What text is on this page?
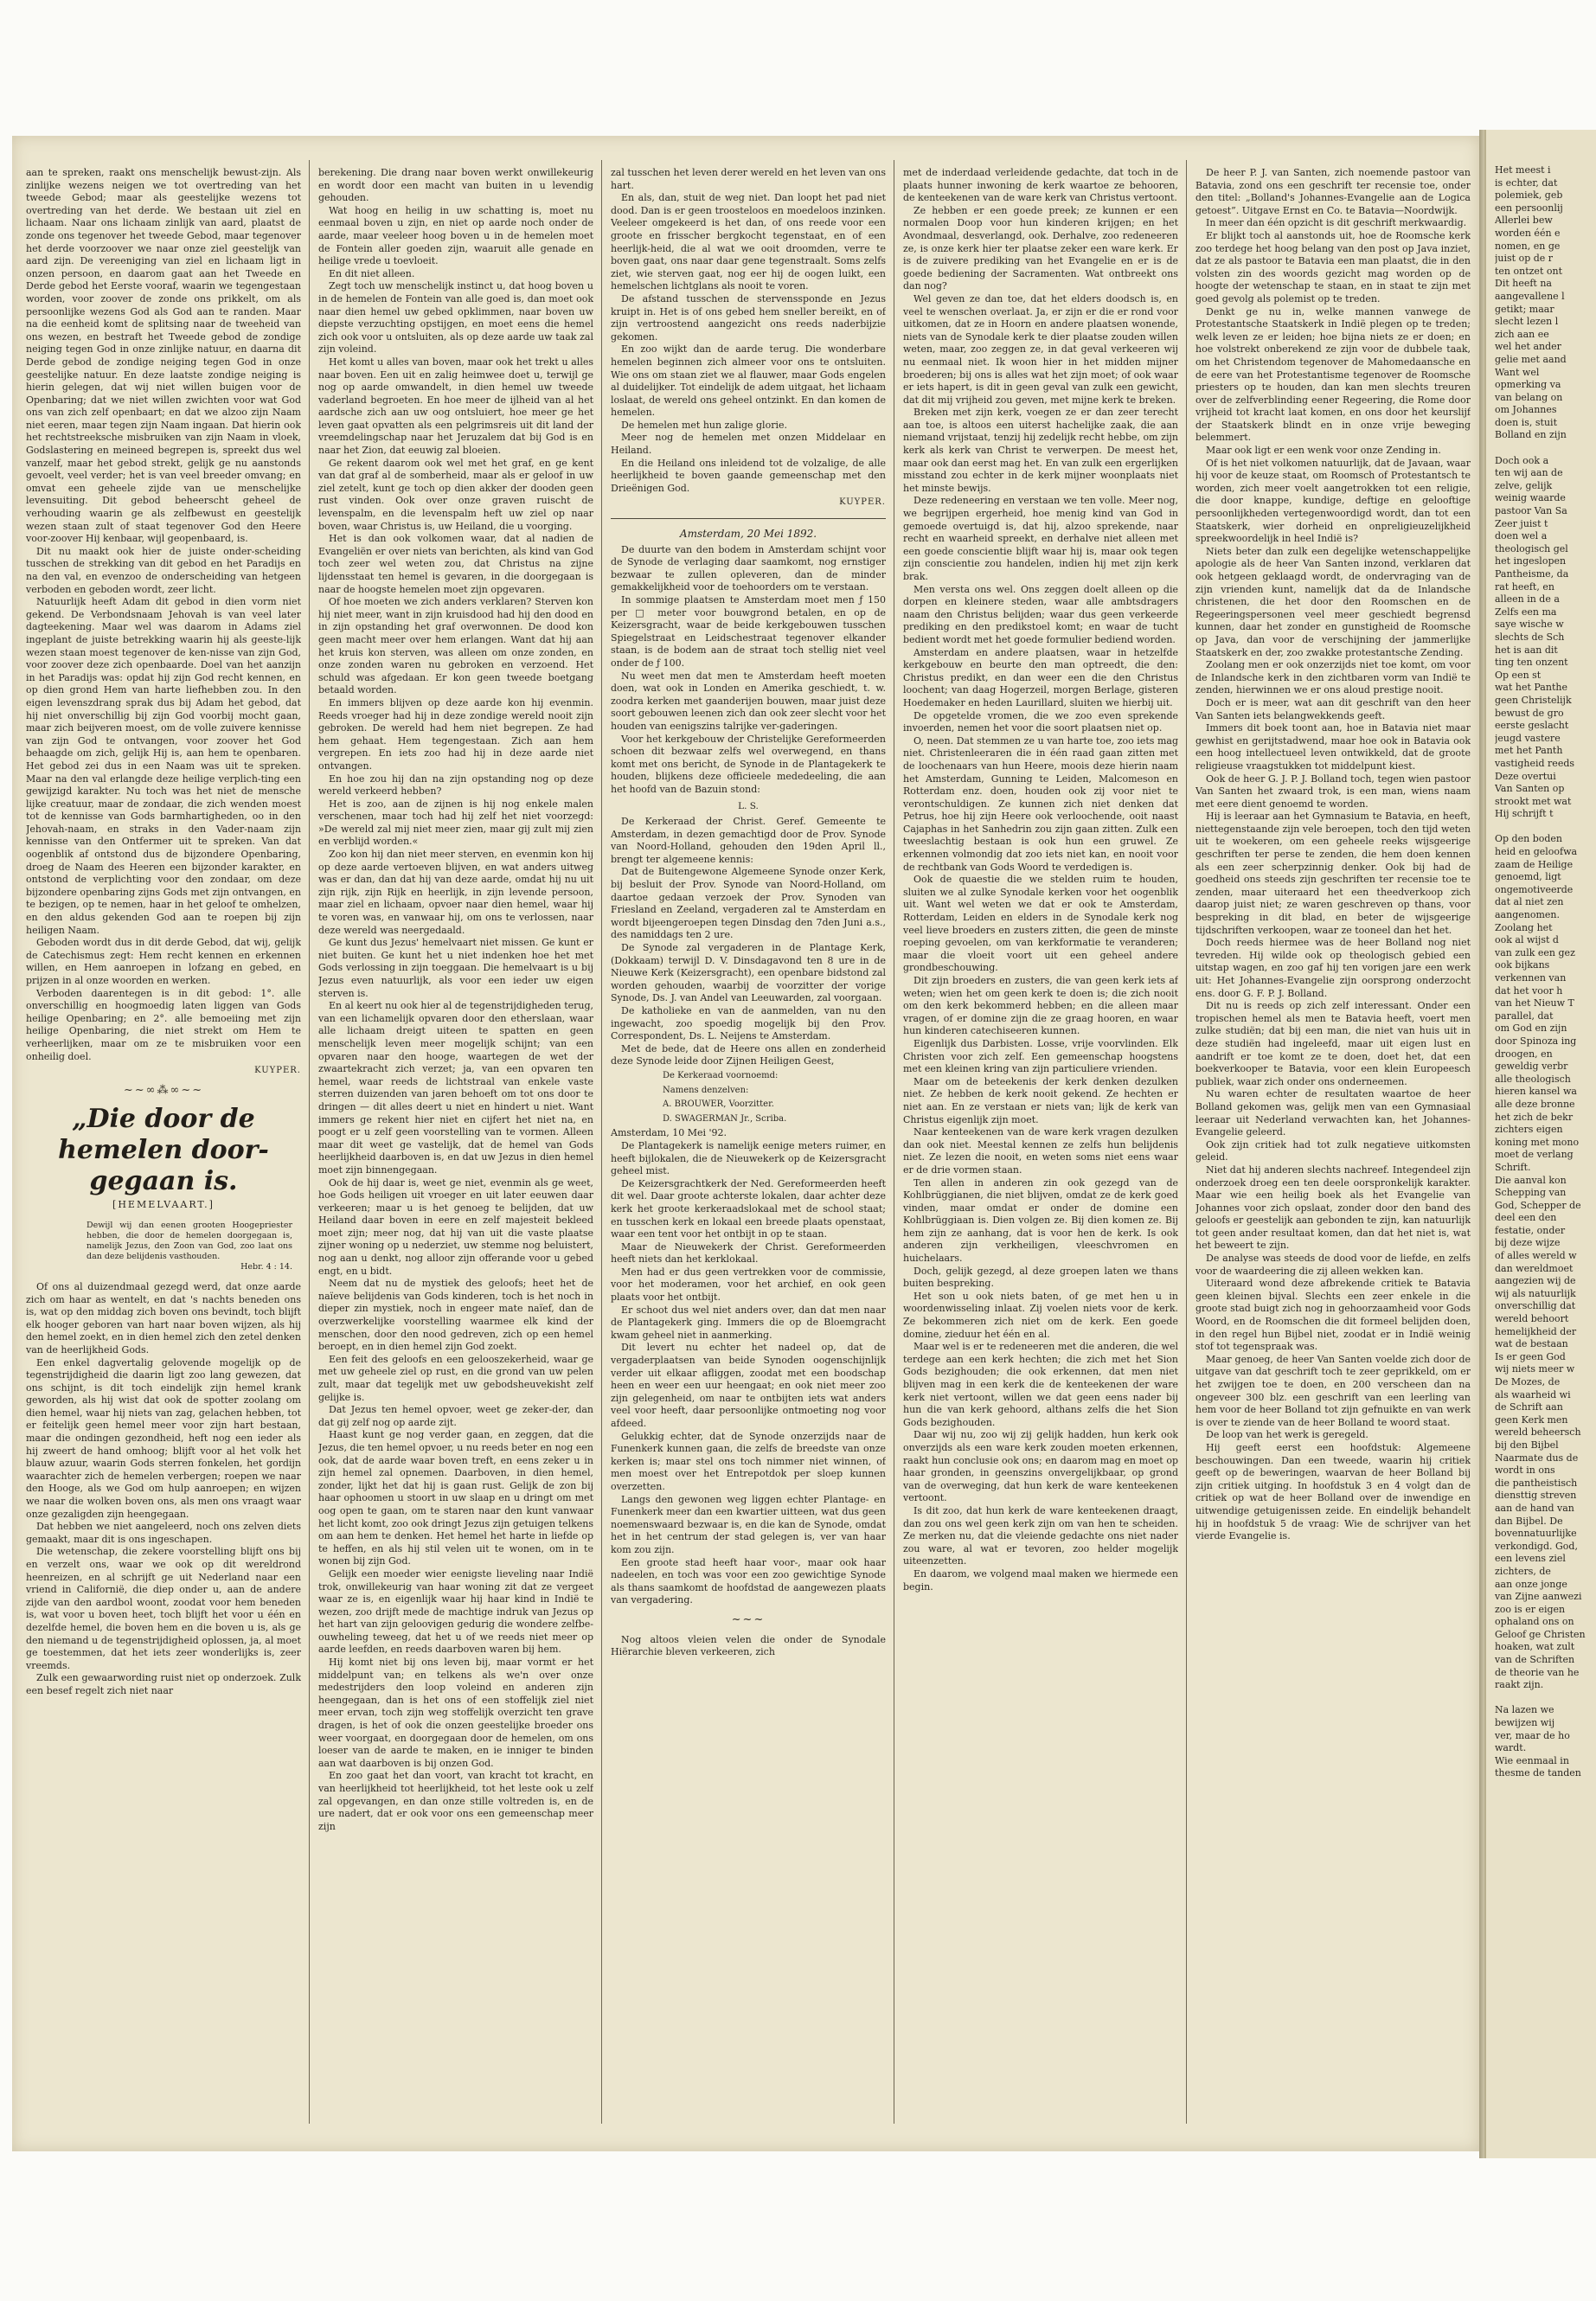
aan te spreken, raakt ons menschelijk bewust-zijn. Als zinlijke wezens neigen we tot overtreding van het tweede Gebod; maar als geestelijke wezens tot overtreding van het derde. We bestaan uit ziel en lichaam. Naar ons lichaam zinlijk van aard, plaatst de zonde ons tegenover het tweede Gebod, maar tegenover het derde voorzoover we naar onze ziel geestelijk van aard zijn. De vereeniging van ziel en lichaam ligt in onzen persoon, en daarom gaat aan het Tweede en Derde gebod het Eerste vooraf, waarin we tegengestaan worden, voor zoover de zonde ons prikkelt, om als persoonlijke wezens God als God aan te randen. Maar na die eenheid komt de splitsing naar de tweeheid van ons wezen, en bestraft het Tweede gebod de zondige neiging tegen God in onze zinlijke natuur, en daarna dit Derde gebod de zondige neiging tegen God in onze geestelijke natuur. En deze laatste zondige neiging is hierin gelegen, dat wij niet willen buigen voor de Openbaring; dat we niet willen zwichten voor wat God ons van zich zelf openbaart; en dat we alzoo zijn Naam niet eeren, maar tegen zijn Naam ingaan. Dat hierin ook het rechtstreeksche misbruiken van zijn Naam in vloek, Godslastering en meineed begrepen is, spreekt dus wel vanzelf, maar het gebod strekt, gelijk ge nu aanstonds gevoelt, veel verder; het is van veel breeder omvang; en omvat een geheele zijde van ue menschelijke levensuiting. Dit gebod beheerscht geheel de verhouding waarin ge als zelfbewust en geestelijk wezen staan zult of staat tegenover God den Heere voor-zoover Hij kenbaar, wijl geopenbaard, is.

Dit nu maakt ook hier de juiste onder-scheiding tusschen de strekking van dit gebod en het Paradijs en na den val, en evenzoo de onderscheiding van hetgeen verboden en geboden wordt, zeer licht.

Natuurlijk heeft Adam dit gebod in dien vorm niet gekend. De Verbondsnaam Jehovah is van veel later dagteekening. Maar wel was daarom in Adams ziel ingeplant de juiste betrekking waarin hij als geeste-lijk wezen staan moest tegenover de ken-nisse van zijn God, voor zoover deze zich openbaarde. Doel van het aanzijn in het Paradijs was: opdat hij zijn God recht kennen, en op dien grond Hem van harte liefhebben zou. In den eigen levenszdrang sprak dus bij Adam het gebod, dat hij niet onverschillig bij zijn God voorbij mocht gaan, maar zich beijveren moest, om de volle zuivere kennisse van zijn God te ontvangen, voor zoover het God behaagde om zich, gelijk Hij is, aan hem te openbaren. Het gebod zei dus in een Naam was uit te spreken. Maar na den val erlangde deze heilige verplich-ting een gewijzigd karakter. Nu toch was het niet de mensche lijke creatuur, maar de zondaar, die zich wenden moest tot de kennisse van Gods barmhartigheden, oo in den Jehovah-naam, en straks in den Vader-naam zijn kennisse van den Ontfermer uit te spreken. Van dat oogenblik af ontstond dus de bijzondere Openbaring, droeg de Naam des Heeren een bijzonder karakter, en ontstond de verplichting voor den zondaar, om deze bijzondere openbaring zijns Gods met zijn ontvangen, en te bezigen, op te nemen, haar in het geloof te omhelzen, en den aldus gekenden God aan te roepen bij zijn heiligen Naam.

Geboden wordt dus in dit derde Gebod, dat wij, gelijk de Catechismus zegt: Hem recht kennen en erkennen willen, en Hem aanroepen in lofzang en gebed, en prijzen in al onze woorden en werken.

Verboden daarentegen is in dit gebod: 1°. alle onverschillig en hoogmoedig laten liggen van Gods heilige Openbaring; en 2°. alle bemoeiing met zijn heilige Openbaring, die niet strekt om Hem te verheerlijken, maar om ze te misbruiken voor een onheilig doel.

KUYPER.
~~∞⁂∞~~
„Die door de hemelen door-gegaan is.
[HEMELVAART.]
Dewijl wij dan eenen grooten Hoogepriester hebben, die door de hemelen doorgegaan is, namelijk Jezus, den Zoon van God, zoo laat ons dan deze belijdenis vasthouden.
Hebr. 4 : 14.

Of ons al duizendmaal gezegd werd, dat onze aarde zich om haar as wentelt, en dat 's nachts beneden ons is, wat op den middag zich boven ons bevindt, toch blijft elk hooger geboren van hart naar boven wijzen, als hij den hemel zoekt, en in dien hemel zich den zetel denken van de heerlijkheid Gods.

Een enkel dagvertalig gelovende mogelijk op de tegenstrijdigheid die daarin ligt zoo lang gewezen, dat ons schijnt, is dit toch eindelijk zijn hemel krank geworden, als hij wist dat ook de spotter zoolang om dien hemel, waar hij niets van zag, gelachen hebben, tot er feitelijk geen hemel meer voor zijn hart bestaan, maar die ondingen gezondheid, heft nog een ieder als hij zweert de hand omhoog; blijft voor al het volk het blauw azuur, waarin Gods sterren fonkelen, het gordijn waarachter zich de hemelen verbergen; roepen we naar den Hooge, als we God om hulp aanroepen; en wijzen we naar die wolken boven ons, als men ons vraagt waar onze gezaligden zijn heengegaan.

Dat hebben we niet aangeleerd, noch ons zelven diets gemaakt, maar dit is ons ingeschapen.

Die wetenschap, die zekere voorstelling blijft ons bij en verzelt ons, waar we ook op dit wereldrond heenreizen, en al schrijft ge uit Nederland naar een vriend in Californië, die diep onder u, aan de andere zijde van den aardbol woont, zoodat voor hem beneden is, wat voor u boven heet, toch blijft het voor u één en dezelfde hemel, die boven hem en die boven u is, als ge den niemand u de tegenstrijdigheid oplossen, ja, al moet ge toestemmen, dat het iets zeer wonderlijks is, zeer vreemds.

Zulk een gewaarwording ruist niet op onderzoek. Zulk een besef regelt zich niet naar

berekening. Die drang naar boven werkt onwillekeurig en wordt door een macht van buiten in u levendig gehouden.

Wat hoog en heilig in uw schatting is, moet nu eenmaal boven u zijn, en niet op aarde noch onder de aarde, maar veeleer hoog boven u in de hemelen moet de Fontein aller goeden zijn, waaruit alle genade en heilige vrede u toevloeit.

En dit niet alleen.

Zegt toch uw menschelijk instinct u, dat hoog boven u in de hemelen de Fontein van alle goed is, dan moet ook naar dien hemel uw gebed opklimmen, naar boven uw diepste verzuchting opstijgen, en moet eens die hemel zich ook voor u ontsluiten, als op deze aarde uw taak zal zijn voleind.

Het komt u alles van boven, maar ook het trekt u alles naar boven. Een uit en zalig heimwee doet u, terwijl ge nog op aarde omwandelt, in dien hemel uw tweede vaderland begroeten. En hoe meer de ijlheid van al het aardsche zich aan uw oog ontsluiert, hoe meer ge het leven gaat opvatten als een pelgrimsreis uit dit land der vreemdelingschap naar het Jeruzalem dat bij God is en naar het Zion, dat eeuwig zal bloeien.

Ge rekent daarom ook wel met het graf, en ge kent van dat graf al de somberheid, maar als er geloof in uw ziel zetelt, kunt ge toch op dien akker der dooden geen rust vinden. Ook over onze graven ruischt de levenspalm, en die levenspalm heft uw ziel op naar boven, waar Christus is, uw Heiland, die u voorging.

Het is dan ook volkomen waar, dat al nadien de Evangeliën er over niets van berichten, als kind van God toch zeer wel weten zou, dat Christus na zijne lijdensstaat ten hemel is gevaren, in die doorgegaan is naar de hoogste hemelen moet zijn opgevaren.

Of hoe moeten we zich anders verklaren? Sterven kon hij niet meer, want in zijn kruisdood had hij den dood en in zijn opstanding het graf overwonnen. De dood kon geen macht meer over hem erlangen. Want dat hij aan het kruis kon sterven, was alleen om onze zonden, en onze zonden waren nu gebroken en verzoend. Het schuld was afgedaan. Er kon geen tweede boetgang betaald worden.

En immers blijven op deze aarde kon hij evenmin. Reeds vroeger had hij in deze zondige wereld nooit zijn gebroken. De wereld had hem niet begrepen. Ze had hem gehaat. Hem tegengestaan. Zich aan hem vergrepen. En iets zoo had hij in deze aarde niet ontvangen.

En hoe zou hij dan na zijn opstanding nog op deze wereld verkeerd hebben?

Het is zoo, aan de zijnen is hij nog enkele malen verschenen, maar toch had hij zelf het niet voorzegd: »De wereld zal mij niet meer zien, maar gij zult mij zien en verblijd worden.«

Zoo kon hij dan niet meer sterven, en evenmin kon hij op deze aarde vertoeven blijven, en wat anders uitweg was er dan, dan dat hij van deze aarde, omdat hij nu uit zijn rijk, zijn Rijk en heerlijk, in zijn levende persoon, maar ziel en lichaam, opvoer naar dien hemel, waar hij te voren was, en vanwaar hij, om ons te verlossen, naar deze wereld was neergedaald.

Ge kunt dus Jezus' hemelvaart niet missen. Ge kunt er niet buiten. Ge kunt het u niet indenken hoe het met Gods verlossing in zijn toeggaan. Die hemelvaart is u bij Jezus even natuurlijk, als voor een ieder uw eigen sterven is.

En al keert nu ook hier al de tegenstrijdigheden terug, van een lichamelijk opvaren door den etherslaan, waar alle lichaam dreigt uiteen te spatten en geen menschelijk leven meer mogelijk schijnt; van een opvaren naar den hooge, waartegen de wet der zwaartekracht zich verzet; ja, van een opvaren ten hemel, waar reeds de lichtstraal van enkele vaste sterren duizenden van jaren behoeft om tot ons door te dringen — dit alles deert u niet en hindert u niet. Want immers ge rekent hier niet en cijfert het niet na, en poogt er u zelf geen voorstelling van te vormen. Alleen maar dit weet ge vastelijk, dat de hemel van Gods heerlijkheid daarboven is, en dat uw Jezus in dien hemel moet zijn binnengegaan.

Ook de hij daar is, weet ge niet, evenmin als ge weet, hoe Gods heiligen uit vroeger en uit later eeuwen daar verkeeren; maar u is het genoeg te belijden, dat uw Heiland daar boven in eere en zelf majesteit bekleed moet zijn; meer nog, dat hij van uit die vaste plaatse zijner woning op u nederziet, uw stemme nog beluistert, nog aan u denkt, nog alloor zijn offerande voor u gebed engt, en u bidt.

Neem dat nu de mystiek des geloofs; heet het de naïeve belijdenis van Gods kinderen, toch is het noch in dieper zin mystiek, noch in engeer mate naïef, dan de overzwerkelijke voorstelling waarmee elk kind der menschen, door den nood gedreven, zich op een hemel beroept, en in dien hemel zijn God zoekt.

Een feit des geloofs en een gelooszekerheid, waar ge met uw geheele ziel op rust, en die grond van uw pelen zult, maar dat tegelijk met uw gebodsheuvekisht zelf gelijke is.

Dat Jezus ten hemel opvoer, weet ge zeker-der, dan dat gij zelf nog op aarde zijt.

Haast kunt ge nog verder gaan, en zeggen, dat die Jezus, die ten hemel opvoer, u nu reeds beter en nog een ook, dat de aarde waar boven treft, en eens zeker u in zijn hemel zal opnemen. Daarboven, in dien hemel, zonder, lijkt het dat hij is gaan rust. Gelijk de zon bij haar ophoomen u stoort in uw slaap en u dringt om met oog open te gaan, om te staren naar den kunt vanwaar het licht komt, zoo ook dringt Jezus zijn getuigen telkens om aan hem te denken. Het hemel het harte in liefde op te heffen, en als hij stil velen uit te wonen, om in te wonen bij zijn God.

Gelijk een moeder wier eenigste lieveling naar Indië trok, onwillekeurig van haar woning zit dat ze vergeet waar ze is, en eigenlijk waar hij haar kind in Indië te wezen, zoo drijft mede de machtige indruk van Jezus op het hart van zijn geloovigen gedurig die wondere zelfbe-ouwheling teweeg, dat het u of we reeds niet meer op aarde leefden, en reeds daarboven waren bij hem.

Hij komt niet bij ons leven bij, maar vormt er het middelpunt van; en telkens als we'n over onze medestrijders den loop voleind en anderen zijn heengegaan, dan is het ons of een stoffelijk ziel niet meer ervan, toch zijn weg stoffelijk overzicht ten grave dragen, is het of ook die onzen geestelijke broeder ons weer voorgaat, en doorgegaan door de hemelen, om ons loeser van de aarde te maken, en ie inniger te binden aan wat daarboven is bij onzen God.

En zoo gaat het dan voort, van kracht tot kracht, en van heerlijkheid tot heerlijkheid, tot het leste ook u zelf zal opgevangen, en dan onze stille voltreden is, en de ure nadert, dat er ook voor ons een gemeenschap meer zijn

zal tusschen het leven derer wereld en het leven van ons hart.

En als, dan, stuit de weg niet. Dan loopt het pad niet dood. Dan is er geen troosteloos en moedeloos inzinken. Veeleer omgekeerd is het dan, of ons reede voor een groote en frisscher bergkocht tegenstaat, en of een heerlijk-heid, die al wat we ooit droomden, verre te boven gaat, ons naar daar gene tegenstraalt. Soms zelfs ziet, wie sterven gaat, nog eer hij de oogen luikt, een hemelschen lichtglans als nooit te voren.

De afstand tusschen de stervenssponde en Jezus kruipt in. Het is of ons gebed hem sneller bereikt, en of zijn vertroostend aangezicht ons reeds naderbijzie gekomen.

En zoo wijkt dan de aarde terug. Die wonderbare hemelen beginnen zich almeer voor ons te ontsluiten. Wie ons om staan ziet we al flauwer, maar Gods engelen al duidelijker. Tot eindelijk de adem uitgaat, het lichaam loslaat, de wereld ons geheel ontzinkt. En dan komen de hemelen.

De hemelen met hun zalige glorie.

Meer nog de hemelen met onzen Middelaar en Heiland.

En die Heiland ons inleidend tot de volzalige, de alle heerlijkheid te boven gaande gemeenschap met den Drieënigen God.

KUYPER.
Amsterdam, 20 Mei 1892.

De duurte van den bodem in Amsterdam schijnt voor de Synode de verlaging daar saamkomt, nog ernstiger bezwaar te zullen opleveren, dan de minder gemakkelijkheid voor de toehoorders om te verstaan.

In sommige plaatsen te Amsterdam moet men ƒ 150 per □ meter voor bouwgrond betalen, en op de Keizersgracht, waar de beide kerkgebouwen tusschen Spiegelstraat en Leidschestraat tegenover elkander staan, is de bodem aan de straat toch stellig niet veel onder de ƒ 100.

Nu weet men dat men te Amsterdam heeft moeten doen, wat ook in Londen en Amerika geschiedt, t. w. zoodra kerken met gaanderijen bouwen, maar juist deze soort gebouwen leenen zich dan ook zeer slecht voor het houden van eenigszins talrijke ver-gaderingen.

Voor het kerkgebouw der Christelijke Gereformeerden schoen dit bezwaar zelfs wel overwegend, en thans komt met ons bericht, de Synode in de Plantagekerk te houden, blijkens deze officieele mededeeling, die aan het hoofd van de Bazuin stond:

L. S.

De Kerkeraad der Christ. Geref. Gemeente te Amsterdam, in dezen gemachtigd door de Prov. Synode van Noord-Holland, gehouden den 19den April ll., brengt ter algemeene kennis:

Dat de Buitengewone Algemeene Synode onzer Kerk, bij besluit der Prov. Synode van Noord-Holland, om daartoe gedaan verzoek der Prov. Synoden van Friesland en Zeeland, vergaderen zal te Amsterdam en wordt bijeengeroepen tegen Dinsdag den 7den Juni a.s., des namiddags ten 2 ure.

De Synode zal vergaderen in de Plantage Kerk, (Dokkaam) terwijl D. V. Dinsdagavond ten 8 ure in de Nieuwe Kerk (Keizersgracht), een openbare bidstond zal worden gehouden, waarbij de voorzitter der vorige Synode, Ds. J. van Andel van Leeuwarden, zal voorgaan.

De katholieke en van de aanmelden, van nu den ingewacht, zoo spoedig mogelijk bij den Prov. Correspondent, Ds. L. Neijens te Amsterdam.

Met de bede, dat de Heere ons allen en zonderheid deze Synode leide door Zijnen Heiligen Geest,

De Kerkeraad voornoemd:
Namens denzelven:
A. BROUWER, Voorzitter.
D. SWAGERMAN Jr., Scriba.

Amsterdam, 10 Mei '92.

De Plantagekerk is namelijk eenige meters ruimer, en heeft bijlokalen, die de Nieuwekerk op de Keizersgracht geheel mist.

De Keizersgrachtkerk der Ned. Gereformeerden heeft dit wel. Daar groote achterste lokalen, daar achter deze kerk het groote kerkeraadslokaal met de school staat; en tusschen kerk en lokaal een breede plaats openstaat, waar een tent voor het ontbijt in op te staan.

Maar de Nieuwekerk der Christ. Gereformeerden heeft niets dan het kerklokaal.

Men had er dus geen vertrekken voor de commissie, voor het moderamen, voor het archief, en ook geen plaats voor het ontbijt.

Er schoot dus wel niet anders over, dan dat men naar de Plantagekerk ging. Immers die op de Bloemgracht kwam geheel niet in aanmerking.

Dit levert nu echter het nadeel op, dat de vergaderplaatsen van beide Synoden oogenschijnlijk verder uit elkaar afliggen, zoodat met een boodschap heen en weer een uur heengaat; en ook niet meer zoo zijn gelegenheid, om naar te ontbijten iets wat anders veel voor heeft, daar persoonlijke ontmoeting nog voor afdeed.

Gelukkig echter, dat de Synode onzerzijds naar de Funenkerk kunnen gaan, die zelfs de breedste van onze kerken is; maar stel ons toch nimmer niet winnen, of men moest over het Entrepotdok per sloep kunnen overzetten.

Langs den gewonen weg liggen echter Plantage- en Funenkerk meer dan een kwartier uitteen, wat dus geen noemenswaard bezwaar is, en die kan de Synode, omdat het in het centrum der stad gelegen is, ver van haar kom zou zijn.

Een groote stad heeft haar voor-, maar ook haar nadeelen, en toch was voor een zoo gewichtige Synode als thans saamkomt de hoofdstad de aangewezen plaats van vergadering.

~~~

Nog altoos vleien velen die onder de Synodale Hiërarchie bleven verkeeren, zich

met de inderdaad verleidende gedachte, dat toch in de plaats hunner inwoning de kerk waartoe ze behooren, de kenteekenen van de ware kerk van Christus vertoont.

Ze hebben er een goede preek; ze kunnen er een normalen Doop voor hun kinderen krijgen; en het Avondmaal, desverlangd, ook. Derhalve, zoo redeneeren ze, is onze kerk hier ter plaatse zeker een ware kerk. Er is de zuivere prediking van het Evangelie en er is de goede bediening der Sacramenten. Wat ontbreekt ons dan nog?

Wel geven ze dan toe, dat het elders doodsch is, en veel te wenschen overlaat. Ja, er zijn er die er rond voor uitkomen, dat ze in Hoorn en andere plaatsen wonende, niets van de Synodale kerk te dier plaatse zouden willen weten, maar, zoo zeggen ze, in dat geval verkeeren wij nu eenmaal niet. Ik woon hier in het midden mijner broederen; bij ons is alles wat het zijn moet; of ook waar er iets hapert, is dit in geen geval van zulk een gewicht, dat dit mij vrijheid zou geven, met mijne kerk te breken.

Breken met zijn kerk, voegen ze er dan zeer terecht aan toe, is altoos een uiterst hachelijke zaak, die aan niemand vrijstaat, tenzij hij zedelijk recht hebbe, om zijn kerk als kerk van Christ te verwerpen. De meest het, maar ook dan eerst mag het. En van zulk een ergerlijken misstand zou echter in de kerk mijner woonplaats niet het minste bewijs.

Deze redeneering en verstaan we ten volle. Meer nog, we begrijpen ergerheid, hoe menig kind van God in gemoede overtuigd is, dat hij, alzoo sprekende, naar recht en waarheid spreekt, en derhalve niet alleen met een goede conscientie blijft waar hij is, maar ook tegen zijn conscientie zou handelen, indien hij met zijn kerk brak.

Men versta ons wel. Ons zeggen doelt alleen op die dorpen en kleinere steden, waar alle ambtsdragers naam den Christus belijden; waar dus geen verkeerde prediking en den predikstoel komt; en waar de tucht bedient wordt met het goede formulier bediend worden.

Amsterdam en andere plaatsen, waar in hetzelfde kerkgebouw en beurte den man optreedt, die den: Christus predikt, en dan weer een die den Christus loochent; van daag Hogerzeil, morgen Berlage, gisteren Hoedemaker en heden Laurillard, sluiten we hierbij uit.

De opgetelde vromen, die we zoo even sprekende invoerden, nemen het voor die soort plaatsen niet op.

O, neen. Dat stemmen ze u van harte toe, zoo iets mag niet. Christenleeraren die in één raad gaan zitten met de loochenaars van hun Heere, moois deze hierin naam het Amsterdam, Gunning te Leiden, Malcomeson en Rotterdam enz. doen, houden ook zij voor niet te verontschuldigen. Ze kunnen zich niet denken dat Petrus, hoe hij zijn Heere ook verloochende, ooit naast Cajaphas in het Sanhedrin zou zijn gaan zitten. Zulk een tweeslachtig bestaan is ook hun een gruwel. Ze erkennen volmondig dat zoo iets niet kan, en nooit voor de rechtbank van Gods Woord te verdedigen is.

Ook de quaestie die we stelden ruim te houden, sluiten we al zulke Synodale kerken voor het oogenblik uit. Want wel weten we dat er ook te Amsterdam, Rotterdam, Leiden en elders in de Synodale kerk nog veel lieve broeders en zusters zitten, die geen de minste roeping gevoelen, om van kerkformatie te veranderen; maar die vloeit voort uit een geheel andere grondbeschouwing.

Dit zijn broeders en zusters, die van geen kerk iets af weten; wien het om geen kerk te doen is; die zich nooit om den kerk bekommerd hebben; en die alleen maar vragen, of er domine zijn die ze graag hooren, en waar hun kinderen catechiseeren kunnen.

Eigenlijk dus Darbisten. Losse, vrije voorvlinden. Elk Christen voor zich zelf. Een gemeenschap hoogstens met een kleinen kring van zijn particuliere vrienden.

Maar om de beteekenis der kerk denken dezulken niet. Ze hebben de kerk nooit gekend. Ze hechten er niet aan. En ze verstaan er niets van; lijk de kerk van Christus eigenlijk zijn moet.

Naar kenteekenen van de ware kerk vragen dezulken dan ook niet. Meestal kennen ze zelfs hun belijdenis niet. Ze lezen die nooit, en weten soms niet eens waar er de drie vormen staan.

Ten allen in anderen zin ook gezegd van de Kohlbrüggianen, die niet blijven, omdat ze de kerk goed vinden, maar omdat er onder de domine een Kohlbrüggiaan is. Dien volgen ze. Bij dien komen ze. Bij hem zijn ze aanhang, dat is voor hen de kerk. Is ook anderen zijn verkheiligen, vleeschvromen en huichelaars.

Doch, gelijk gezegd, al deze groepen laten we thans buiten bespreking.

Het son u ook niets baten, of ge met hen u in woordenwisseling inlaat. Zij voelen niets voor de kerk. Ze bekommeren zich niet om de kerk. Een goede domine, zieduur het één en al.

Maar wel is er te redeneeren met die anderen, die wel terdege aan een kerk hechten; die zich met het Sion Gods bezighouden; die ook erkennen, dat men niet blijven mag in een kerk die de kenteekenen der ware kerk niet vertoont, willen we dat geen eens nader bij hun die van kerk gehoord, althans zelfs die het Sion Gods bezighouden.

Daar wij nu, zoo wij zij gelijk hadden, hun kerk ook onverzijds als een ware kerk zouden moeten erkennen, raakt hun conclusie ook ons; en daarom mag en moet op haar gronden, in geenszins onvergelijkbaar, op grond van de overweging, dat hun kerk de ware kenteekenen vertoont.

Is dit zoo, dat hun kerk de ware kenteekenen draagt, dan zou ons wel geen kerk zijn om van hen te scheiden. Ze merken nu, dat die vleiende gedachte ons niet nader zou ware, al wat er tevoren, zoo helder mogelijk uiteenzetten.

En daarom, we volgend maal maken we hiermede een begin.

De heer P. J. van Santen, zich noemende pastoor van Batavia, zond ons een geschrift ter recensie toe, onder den titel: „Bolland's Johannes-Evangelie aan de Logica getoest”. Uitgave Ernst en Co. te Batavia—Noordwijk.

In meer dan één opzicht is dit geschrift merkwaardig.

Er blijkt toch al aanstonds uit, hoe de Roomsche kerk zoo terdege het hoog belang van den post op Java inziet, dat ze als pastoor te Batavia een man plaatst, die in den volsten zin des woords gezicht mag worden op de hoogte der wetenschap te staan, en in staat te zijn met goed gevolg als polemist op te treden.

Denkt ge nu in, welke mannen vanwege de Protestantsche Staatskerk in Indië plegen op te treden; welk leven ze er leiden; hoe bijna niets ze er doen; en hoe volstrekt onberekend ze zijn voor de dubbele taak, om het Christendom tegenover de Mahomedaansche en de eere van het Protestantisme tegenover de Roomsche priesters op te houden, dan kan men slechts treuren over de zelfverblinding eener Regeering, die Rome door vrijheid tot kracht laat komen, en ons door het keurslijf der Staatskerk blindt en in onze vrije beweging belemmert.

Maar ook ligt er een wenk voor onze Zending in.

Of is het niet volkomen natuurlijk, dat de Javaan, waar hij voor de keuze staat, om Roomsch of Protestantsch te worden, zich meer voelt aangetrokken tot een religie, die door knappe, kundige, deftige en gelooftige persoonlijkheden vertegenwoordigd wordt, dan tot een Staatskerk, wier dorheid en onpreligieuzelijkheid spreekwoordelijk in heel Indië is?

Niets beter dan zulk een degelijke wetenschappelijke apologie als de heer Van Santen inzond, verklaren dat ook hetgeen geklaagd wordt, de ondervraging van de zijn vrienden kunt, namelijk dat da de Inlandsche christenen, die het door den Roomschen en de Regeeringspersonen veel meer geschiedt begrensd kunnen, daar het zonder en gunstigheid de Roomsche op Java, dan voor de verschijning der jammerlijke Staatskerk en der, zoo zwakke protestantsche Zending.

Zoolang men er ook onzerzijds niet toe komt, om voor de Inlandsche kerk in den zichtbaren vorm van Indië te zenden, hierwinnen we er ons aloud prestige nooit.

Doch er is meer, wat aan dit geschrift van den heer Van Santen iets belangwekkends geeft.

Immers dit boek toont aan, hoe in Batavia niet maar gewhist en gerijtstadwend, maar hoe ook in Batavia ook een hoog intellectueel leven ontwikkeld, dat de groote religieuse vraagstukken tot middelpunt kiest.

Ook de heer G. J. P. J. Bolland toch, tegen wien pastoor Van Santen het zwaard trok, is een man, wiens naam met eere dient genoemd te worden.

Hij is leeraar aan het Gymnasium te Batavia, en heeft, niettegenstaande zijn vele beroepen, toch den tijd weten uit te woekeren, om een geheele reeks wijsgeerige geschriften ter perse te zenden, die hem doen kennen als een zeer scherpzinnig denker. Ook bij had de goedheid ons steeds zijn geschriften ter recensie toe te zenden, maar uiteraard het een theedverkoop zich daarop juist niet; ze waren geschreven op thans, voor bespreking in dit blad, en beter de wijsgeerige tijdschriften verkoopen, waar ze tooneel dan het het.

Doch reeds hiermee was de heer Bolland nog niet tevreden. Hij wilde ook op theologisch gebied een uitstap wagen, en zoo gaf hij ten vorigen jare een werk uit: Het Johannes-Evangelie zijn oorsprong onderzocht ens. door G. F. P. J. Bolland.

Dit nu is reeds op zich zelf interessant. Onder een tropischen hemel als men te Batavia heeft, voert men zulke studiën; dat bij een man, die niet van huis uit in deze studiën had ingeleefd, maar uit eigen lust en aandrift er toe komt ze te doen, doet het, dat een boekverkooper te Batavia, voor een klein Europeesch publiek, waar zich onder ons onderneemen.

Nu waren echter de resultaten waartoe de heer Bolland gekomen was, gelijk men van een Gymnasiaal leeraar uit Nederland verwachten kan, het Johannes-Evangelie geleerd.

Ook zijn critiek had tot zulk negatieve uitkomsten geleid.

Niet dat hij anderen slechts nachreef. Integendeel zijn onderzoek droeg een ten deele oorspronkelijk karakter. Maar wie een heilig boek als het Evangelie van Johannes voor zich opslaat, zonder door den band des geloofs er geestelijk aan gebonden te zijn, kan natuurlijk tot geen ander resultaat komen, dan dat het niet is, wat het beweert te zijn.

De analyse was steeds de dood voor de liefde, en zelfs voor de waardeering die zij alleen wekken kan.

Uiteraard wond deze afbrekende critiek te Batavia geen kleinen bijval. Slechts een zeer enkele in die groote stad buigt zich nog in gehoorzaamheid voor Gods Woord, en de Roomschen die dit formeel belijden doen, in den regel hun Bijbel niet, zoodat er in Indië weinig stof tot tegenspraak was.

Maar genoeg, de heer Van Santen voelde zich door de uitgave van dat geschrift toch te zeer geprikkeld, om er het zwijgen toe te doen, en 200 verscheen dan na ongeveer 300 blz. een geschrift van een leerling van hem voor de heer Bolland tot zijn gefnuikte en van werk is over te ziende van de heer Bolland te woord staat.

De loop van het werk is geregeld.

Hij geeft eerst een hoofdstuk: Algemeene beschouwingen. Dan een tweede, waarin hij critiek geeft op de beweringen, waarvan de heer Bolland bij zijn critiek uitging. In hoofdstuk 3 en 4 volgt dan de critiek op wat de heer Bolland over de inwendige en uitwendige getuigenissen zeide. En eindelijk behandelt hij in hoofdstuk 5 de vraag: Wie de schrijver van het vierde Evangelie is.

Het meest i
is echter, dat
polemiek, geb
een persoonlij
Allerlei bew
worden één e
nomen, en ge
juist op de r
ten ontzet ont
Dit heeft na
aangevallene l
getikt; maar
slecht lezen l
zich aan ee
wel het ander
gelie met aand
Want wel
opmerking va
van belang on
om Johannes
doen is, stuit
Bolland en zijn
Doch ook a
ten wij aan de
zelve, gelijk
weinig waarde
pastoor Van Sa
Zeer juist t
doen wel a
theologisch gel
het ingeslopen
Pantheisme, da
rat heeft, en
alleen in de a
Zelfs een ma
saye wische w
slechts de Sch
het is aan dit
ting ten onzent
Op een st
wat het Panthe
geen Christelijk
bewust de gro
eerste geslacht
jeugd vastere
met het Panth
vastigheid reeds
Deze overtui
Van Santen op
strookt met wat
Hij schrijft t
Op den boden
heid en geloofwa
zaam de Heilige
genoemd, ligt
ongemotiveerde
dat al niet zen
aangenomen.
Zoolang het
ook al wijst d
van zulk een gez
ook bijkans
verkennen van
dat het voor h
van het Nieuw T
parallel, dat
om God en zijn
door Spinoza ing
droogen, en
geweldig verbr
alle theologisch
hieren kansel wa
alle deze bronne
het zich de bekr
zichters eigen
koning met mono
moet de verlang
Schrift.
Die aanval kon
Schepping van
God, Schepper de
deel een den
festatie, onder
bij deze wijze
of alles wereld w
dan wereldmoet
aangezien wij de
wij als natuurlijk
onverschillig dat
wereld behoort
hemelijkheid der
wat de bestaan
Is er geen God
wij niets meer w
De Mozes, de
als waarheid wi
de Schrift aan
geen Kerk men
wereld beheersch
bij den Bijbel
Naarmate dus de
wordt in ons
die pantheistisch
diensttig streven
aan de hand van
dan Bijbel. De
bovennatuurlijke
verkondigd. God,
een levens ziel
zichters, de
aan onze jonge
van Zijne aanwezi
zoo is er eigen
ophaland ons on
Geloof ge Christen
hoaken, wat zult
van de Schriften
de theorie van he
raakt zijn.
Na lazen we
bewijzen wij
ver, maar de ho
wardt.
Wie eenmaal in
thesme de tanden
